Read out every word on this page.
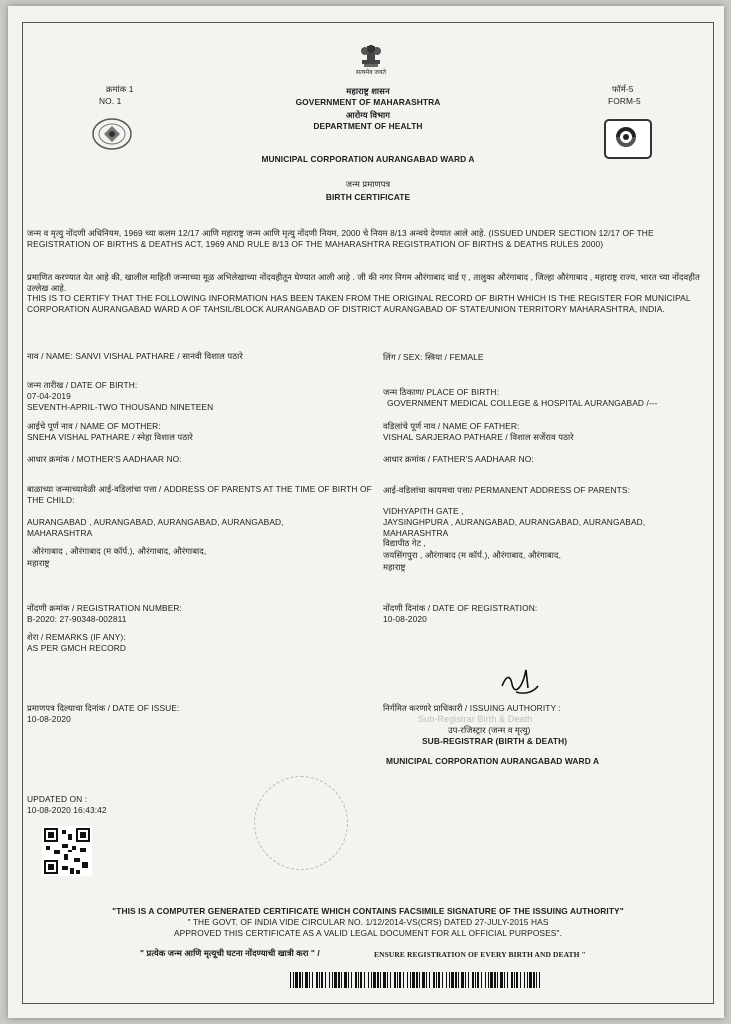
सत्यमेव जयते
क्रमांक 1
NO. 1
महाराष्ट्र शासन
GOVERNMENT OF MAHARASHTRA
आरोग्य विभाग
DEPARTMENT OF HEALTH
फॉर्म-5
FORM-5
MUNICIPAL CORPORATION AURANGABAD WARD A
जन्म प्रमाणपत्र
BIRTH CERTIFICATE
जन्म व मृत्यु नोंदणी अधिनियम, 1969 च्या कलम 12/17 आणि महाराष्ट्र जन्म आणि मृत्यु नोंदणी नियम, 2000 चे नियम 8/13 अन्वये देण्यात आले आहे. (ISSUED UNDER SECTION 12/17 OF THE REGISTRATION OF BIRTHS & DEATHS ACT, 1969 AND RULE 8/13 OF THE MAHARASHTRA REGISTRATION OF BIRTHS & DEATHS RULES 2000)
प्रमाणित करण्यात येत आहे की, खालील माहिती जन्माच्या मूळ अभिलेखाच्या नोंदवहीतून घेण्यात आली आहे . जी की नगर निगम औरंगाबाद वार्ड ए , तालुका औरंगाबाद , जिल्हा औरंगाबाद , महाराष्ट्र राज्य, भारत च्या नोंदवहीत उल्लेख आहे.
THIS IS TO CERTIFY THAT THE FOLLOWING INFORMATION HAS BEEN TAKEN FROM THE ORIGINAL RECORD OF BIRTH WHICH IS THE REGISTER FOR MUNICIPAL CORPORATION AURANGABAD WARD A OF TAHSIL/BLOCK AURANGABAD OF DISTRICT AURANGABAD OF STATE/UNION TERRITORY MAHARASHTRA, INDIA.
नाव / NAME: SANVI VISHAL PATHARE / सानवी विशाल पठारे	लिंग / SEX: स्त्रिया / FEMALE
जन्म तारीख / DATE OF BIRTH:
07-04-2019
SEVENTH-APRIL-TWO THOUSAND NINETEEN
जन्म ठिकाण/ PLACE OF BIRTH:
GOVERNMENT MEDICAL COLLEGE & HOSPITAL AURANGABAD /---
आईचे पूर्ण नाव / NAME OF MOTHER:
SNEHA VISHAL PATHARE / स्नेहा विशाल पठारे
वडिलांचे पूर्ण नाव / NAME OF FATHER:
VISHAL SARJERAO PATHARE / विशाल सर्जेराव पठारे
आधार क्रमांक / MOTHER'S AADHAAR NO:	आधार क्रमांक / FATHER'S AADHAAR NO:
बाळाच्या जन्माच्यावेळी आई-वडिलांचा पत्ता / ADDRESS OF PARENTS AT THE TIME OF BIRTH OF THE CHILD:
AURANGABAD , AURANGABAD, AURANGABAD, AURANGABAD,
MAHARASHTRA
औरंगाबाद , औरंगाबाद (म कॉर्प.), औरंगाबाद, औरंगाबाद,
महाराष्ट्र
आई-वडिलांचा कायमचा पत्ता/ PERMANENT ADDRESS OF PARENTS:
VIDHYAPITH GATE ,
JAYSINGHPURA , AURANGABAD, AURANGABAD, AURANGABAD,
MAHARASHTRA
विद्यापीठ गेट ,
जयसिंगपुरा , औरंगाबाद (म कॉर्प.), औरंगाबाद, औरंगाबाद,
महाराष्ट्र
नोंदणी क्रमांक / REGISTRATION NUMBER:
B-2020: 27-90348-002811
नोंदणी दिनांक / DATE OF REGISTRATION:
10-08-2020
शेरा / REMARKS (IF ANY):
AS PER GMCH RECORD
प्रमाणपत्र दिल्याचा दिनांक / DATE OF ISSUE:
10-08-2020
निर्गमित करणारे प्राधिकारी / ISSUING AUTHORITY :
Sub-Registrar Birth & Death
उप-रजिस्ट्रार (जन्म व मृत्यु)
SUB-REGISTRAR (BIRTH & DEATH)
MUNICIPAL CORPORATION AURANGABAD WARD A
UPDATED ON :
10-08-2020 16:43:42
"THIS IS A COMPUTER GENERATED CERTIFICATE WHICH CONTAINS FACSIMILE SIGNATURE OF THE ISSUING AUTHORITY"
" THE GOVT. OF INDIA VIDE CIRCULAR NO. 1/12/2014-VS(CRS) DATED 27-JULY-2015 HAS
APPROVED THIS CERTIFICATE AS A VALID LEGAL DOCUMENT FOR ALL OFFICIAL PURPOSES".
" प्रत्येक जन्म आणि मृत्यूची घटना नोंदण्याची खात्री करा " /	ENSURE REGISTRATION OF EVERY BIRTH AND DEATH "
